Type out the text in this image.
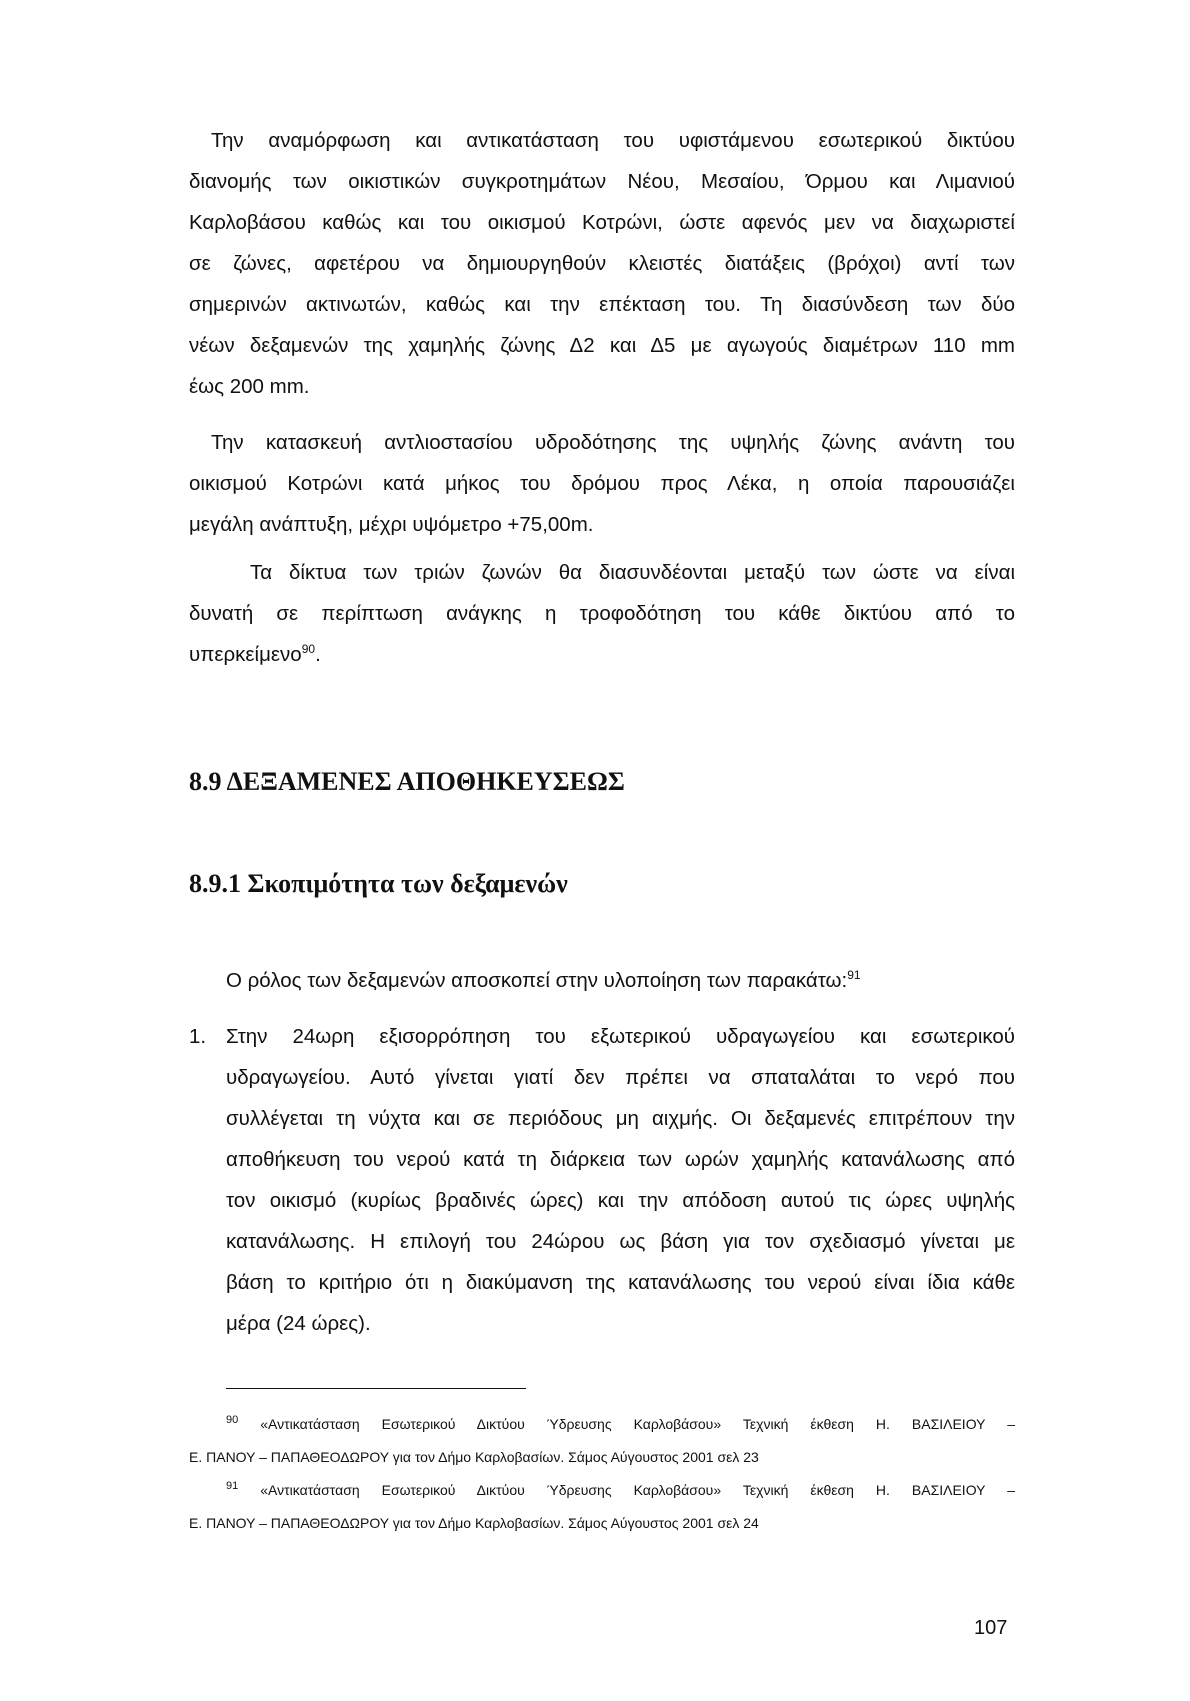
Την αναμόρφωση και αντικατάσταση του υφιστάμενου εσωτερικού δικτύου
διανομής των οικιστικών συγκροτημάτων Νέου, Μεσαίου, Όρμου και Λιμανιού
Καρλοβάσου καθώς και του οικισμού Κοτρώνι, ώστε αφενός μεν να διαχωριστεί
σε ζώνες, αφετέρου να δημιουργηθούν κλειστές διατάξεις (βρόχοι) αντί των
σημερινών ακτινωτών, καθώς και την επέκταση του. Τη διασύνδεση των δύο
νέων δεξαμενών της χαμηλής ζώνης Δ2 και Δ5 με αγωγούς διαμέτρων 110 mm
έως 200 mm.

Την κατασκευή αντλιοστασίου υδροδότησης της υψηλής ζώνης ανάντη του
οικισμού Κοτρώνι κατά μήκος του δρόμου προς Λέκα, η οποία παρουσιάζει
μεγάλη ανάπτυξη, μέχρι υψόμετρο +75,00m.

Τα δίκτυα των τριών ζωνών θα διασυνδέονται μεταξύ των ώστε να είναι
δυνατή σε περίπτωση ανάγκης η τροφοδότηση του κάθε δικτύου από το
υπερκείμενο$^{90}$.

8.9 ΔΕΞΑΜΕΝΕΣ ΑΠΟΘΗΚΕΥΣΕΩΣ
8.9.1 Σκοπιμότητα των δεξαμενών

Ο ρόλος των δεξαμενών αποσκοπεί στην υλοποίηση των παρακάτω:$^{91}$

1. Στην 24ωρη εξισορρόπηση του εξωτερικού υδραγωγείου και εσωτερικού
υδραγωγείου. Αυτό γίνεται γιατί δεν πρέπει να σπαταλάται το νερό που
συλλέγεται τη νύχτα και σε περιόδους μη αιχμής. Οι δεξαμενές επιτρέπουν την
αποθήκευση του νερού κατά τη διάρκεια των ωρών χαμηλής κατανάλωσης από
τον οικισμό (κυρίως βραδινές ώρες) και την απόδοση αυτού τις ώρες υψηλής
κατανάλωσης. Η επιλογή του 24ώρου ως βάση για τον σχεδιασμό γίνεται με
βάση το κριτήριο ότι η διακύμανση της κατανάλωσης του νερού είναι ίδια κάθε
μέρα (24 ώρες).

$^{90}$ «Αντικατάσταση Εσωτερικού Δικτύου Ύδρευσης Καρλοβάσου» Τεχνική έκθεση Η. ΒΑΣΙΛΕΙΟΥ –
Ε. ΠΑΝΟΥ – ΠΑΠΑΘΕΟΔΩΡΟΥ για τον Δήμο Καρλοβασίων. Σάμος Αύγουστος 2001 σελ 23

$^{91}$ «Αντικατάσταση Εσωτερικού Δικτύου Ύδρευσης Καρλοβάσου» Τεχνική έκθεση Η. ΒΑΣΙΛΕΙΟΥ –
Ε. ΠΑΝΟΥ – ΠΑΠΑΘΕΟΔΩΡΟΥ για τον Δήμο Καρλοβασίων. Σάμος Αύγουστος 2001 σελ 24

107
